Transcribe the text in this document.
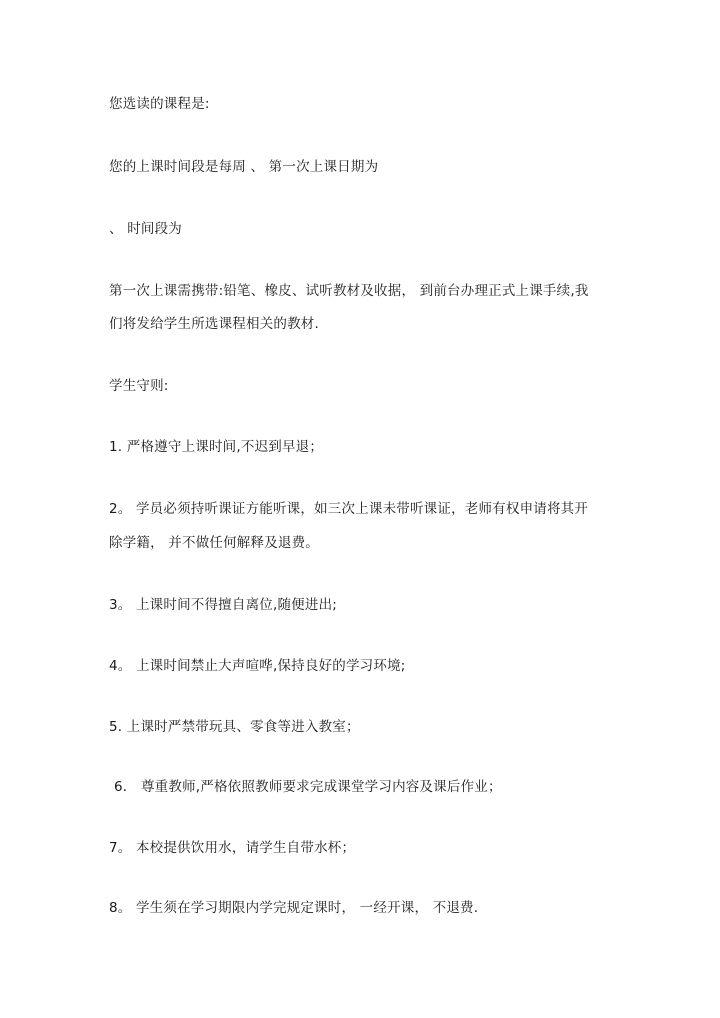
您选读的课程是:
您的上课时间段是每周 、 第一次上课日期为
、 时间段为
第一次上课需携带:铅笔、橡皮、试听教材及收据， 到前台办理正式上课手续,我
们将发给学生所选课程相关的教材.
学生守则:
1. 严格遵守上课时间,不迟到早退；
2。 学员必须持听课证方能听课，如三次上课未带听课证，老师有权申请将其开
除学籍， 并不做任何解释及退费。
3。 上课时间不得擅自离位,随便进出;
4。 上课时间禁止大声喧哗,保持良好的学习环境;
5. 上课时严禁带玩具、零食等进入教室；
6． 尊重教师,严格依照教师要求完成课堂学习内容及课后作业；
7。 本校提供饮用水，请学生自带水杯；
8。 学生须在学习期限内学完规定课时， 一经开课， 不退费.
